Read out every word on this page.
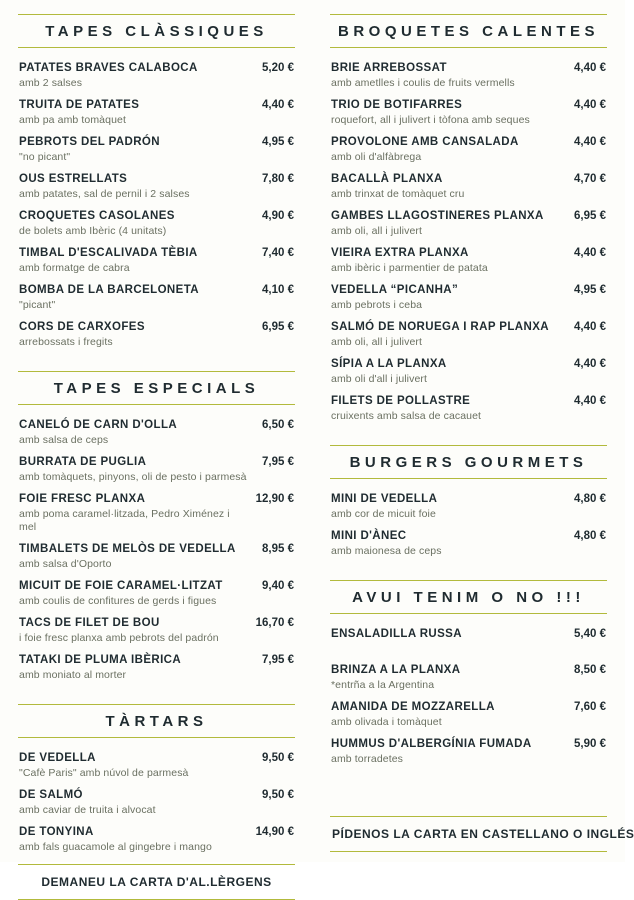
TAPES CLÀSSIQUES
PATATES BRAVES CALABOCA
amb 2 salses
5,20 €
TRUITA DE PATATES
amb pa amb tomàquet
4,40 €
PEBROTS DEL PADRÓN
"no picant"
4,95 €
OUS ESTRELLATS
amb patates, sal de pernil i 2 salses
7,80 €
CROQUETES CASOLANES
de bolets amb Ibèric (4 unitats)
4,90 €
TIMBAL D'ESCALIVADA TÈBIA
amb formatge de cabra
7,40 €
BOMBA DE LA BARCELONETA
"picant"
4,10 €
CORS DE CARXOFES
arrebossats i fregits
6,95 €
TAPES ESPECIALS
CANELÓ DE CARN D'OLLA
amb salsa de ceps
6,50 €
BURRATA DE PUGLIA
amb tomàquets, pinyons, oli de pesto i parmesà
7,95 €
FOIE FRESC PLANXA
amb poma caramel·litzada, Pedro Ximénez i mel
12,90 €
TIMBALETS DE MELÒS DE VEDELLA
amb salsa d'Oporto
8,95 €
MICUIT DE FOIE CARAMEL·LITZAT
amb coulis de confitures de gerds i figues
9,40 €
TACS DE FILET DE BOU
i foie fresc planxa amb pebrots del padrón
16,70 €
TATAKI DE PLUMA IBÈRICA
amb moniato al morter
7,95 €
TÀRTARS
DE VEDELLA
"Cafè Paris" amb núvol de parmesà
9,50 €
DE SALMÓ
amb caviar de truita i alvocat
9,50 €
DE TONYINA
amb fals guacamole al gingebre i mango
14,90 €
DEMANEU LA CARTA D'AL.LÈRGENS
BROQUETES CALENTES
BRIE ARREBOSSAT
amb ametlles i coulis de fruits vermells
4,40 €
TRIO DE BOTIFARRES
roquefort, all i julivert i tòfona amb seques
4,40 €
PROVOLONE AMB CANSALADA
amb oli d'alfàbrega
4,40 €
BACALLÀ PLANXA
amb trinxat de tomàquet cru
4,70 €
GAMBES LLAGOSTINERES PLANXA
amb oli, all i julivert
6,95 €
VIEIRA EXTRA PLANXA
amb ibèric i parmentier de patata
4,40 €
VEDELLA “PICANHA”
amb pebrots i ceba
4,95 €
SALMÓ DE NORUEGA I RAP PLANXA
amb oli, all i julivert
4,40 €
SÍPIA A LA PLANXA
amb oli d'all i julivert
4,40 €
FILETS DE POLLASTRE
cruixents amb salsa de cacauet
4,40 €
BURGERS GOURMETS
MINI DE VEDELLA
amb cor de micuit foie
4,80 €
MINI D'ÀNEC
amb maionesa de ceps
4,80 €
AVUI TENIM O NO !!!
ENSALADILLA RUSSA	5,40 €
BRINZA A LA PLANXA
*entrña a la Argentina
8,50 €
AMANIDA DE MOZZARELLA
amb olivada i tomàquet
7,60 €
HUMMUS D'ALBERGÍNIA FUMADA
amb torradetes
5,90 €
PÍDENOS LA CARTA EN CASTELLANO O INGLÉS
